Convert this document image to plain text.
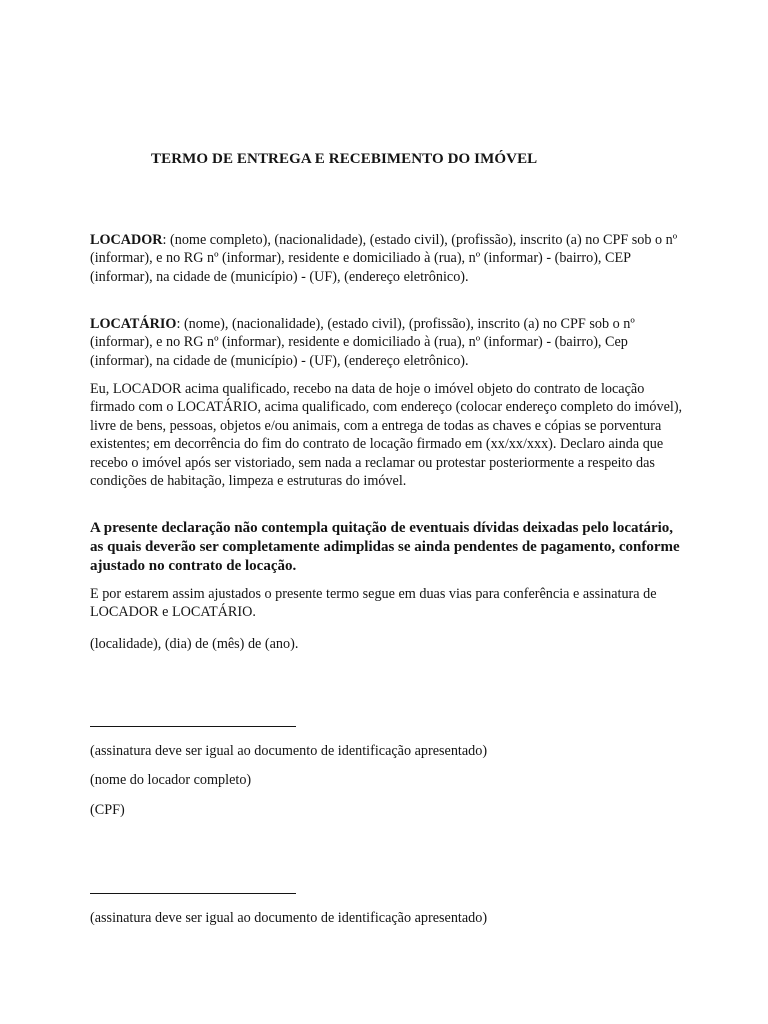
TERMO DE ENTREGA E RECEBIMENTO DO IMÓVEL

LOCADOR: (nome completo), (nacionalidade), (estado civil), (profissão), inscrito (a) no CPF sob o nº (informar), e no RG nº (informar), residente e domiciliado à (rua), nº (informar) - (bairro), CEP (informar), na cidade de (município) - (UF), (endereço eletrônico).

LOCATÁRIO: (nome), (nacionalidade), (estado civil), (profissão), inscrito (a) no CPF sob o nº (informar), e no RG nº (informar), residente e domiciliado à (rua), nº (informar) - (bairro), Cep (informar), na cidade de (município) - (UF), (endereço eletrônico).

Eu, LOCADOR acima qualificado, recebo na data de hoje o imóvel objeto do contrato de locação firmado com o LOCATÁRIO, acima qualificado, com endereço (colocar endereço completo do imóvel), livre de bens, pessoas, objetos e/ou animais, com a entrega de todas as chaves e cópias se porventura existentes; em decorrência do fim do contrato de locação firmado em (xx/xx/xxx). Declaro ainda que recebo o imóvel após ser vistoriado, sem nada a reclamar ou protestar posteriormente a respeito das condições de habitação, limpeza e estruturas do imóvel.

A presente declaração não contempla quitação de eventuais dívidas deixadas pelo locatário, as quais deverão ser completamente adimplidas se ainda pendentes de pagamento, conforme ajustado no contrato de locação.

E por estarem assim ajustados o presente termo segue em duas vias para conferência e assinatura de LOCADOR e LOCATÁRIO.

(localidade), (dia) de (mês) de (ano).

(assinatura deve ser igual ao documento de identificação apresentado)
(nome do locador completo)
(CPF)
(assinatura deve ser igual ao documento de identificação apresentado)
